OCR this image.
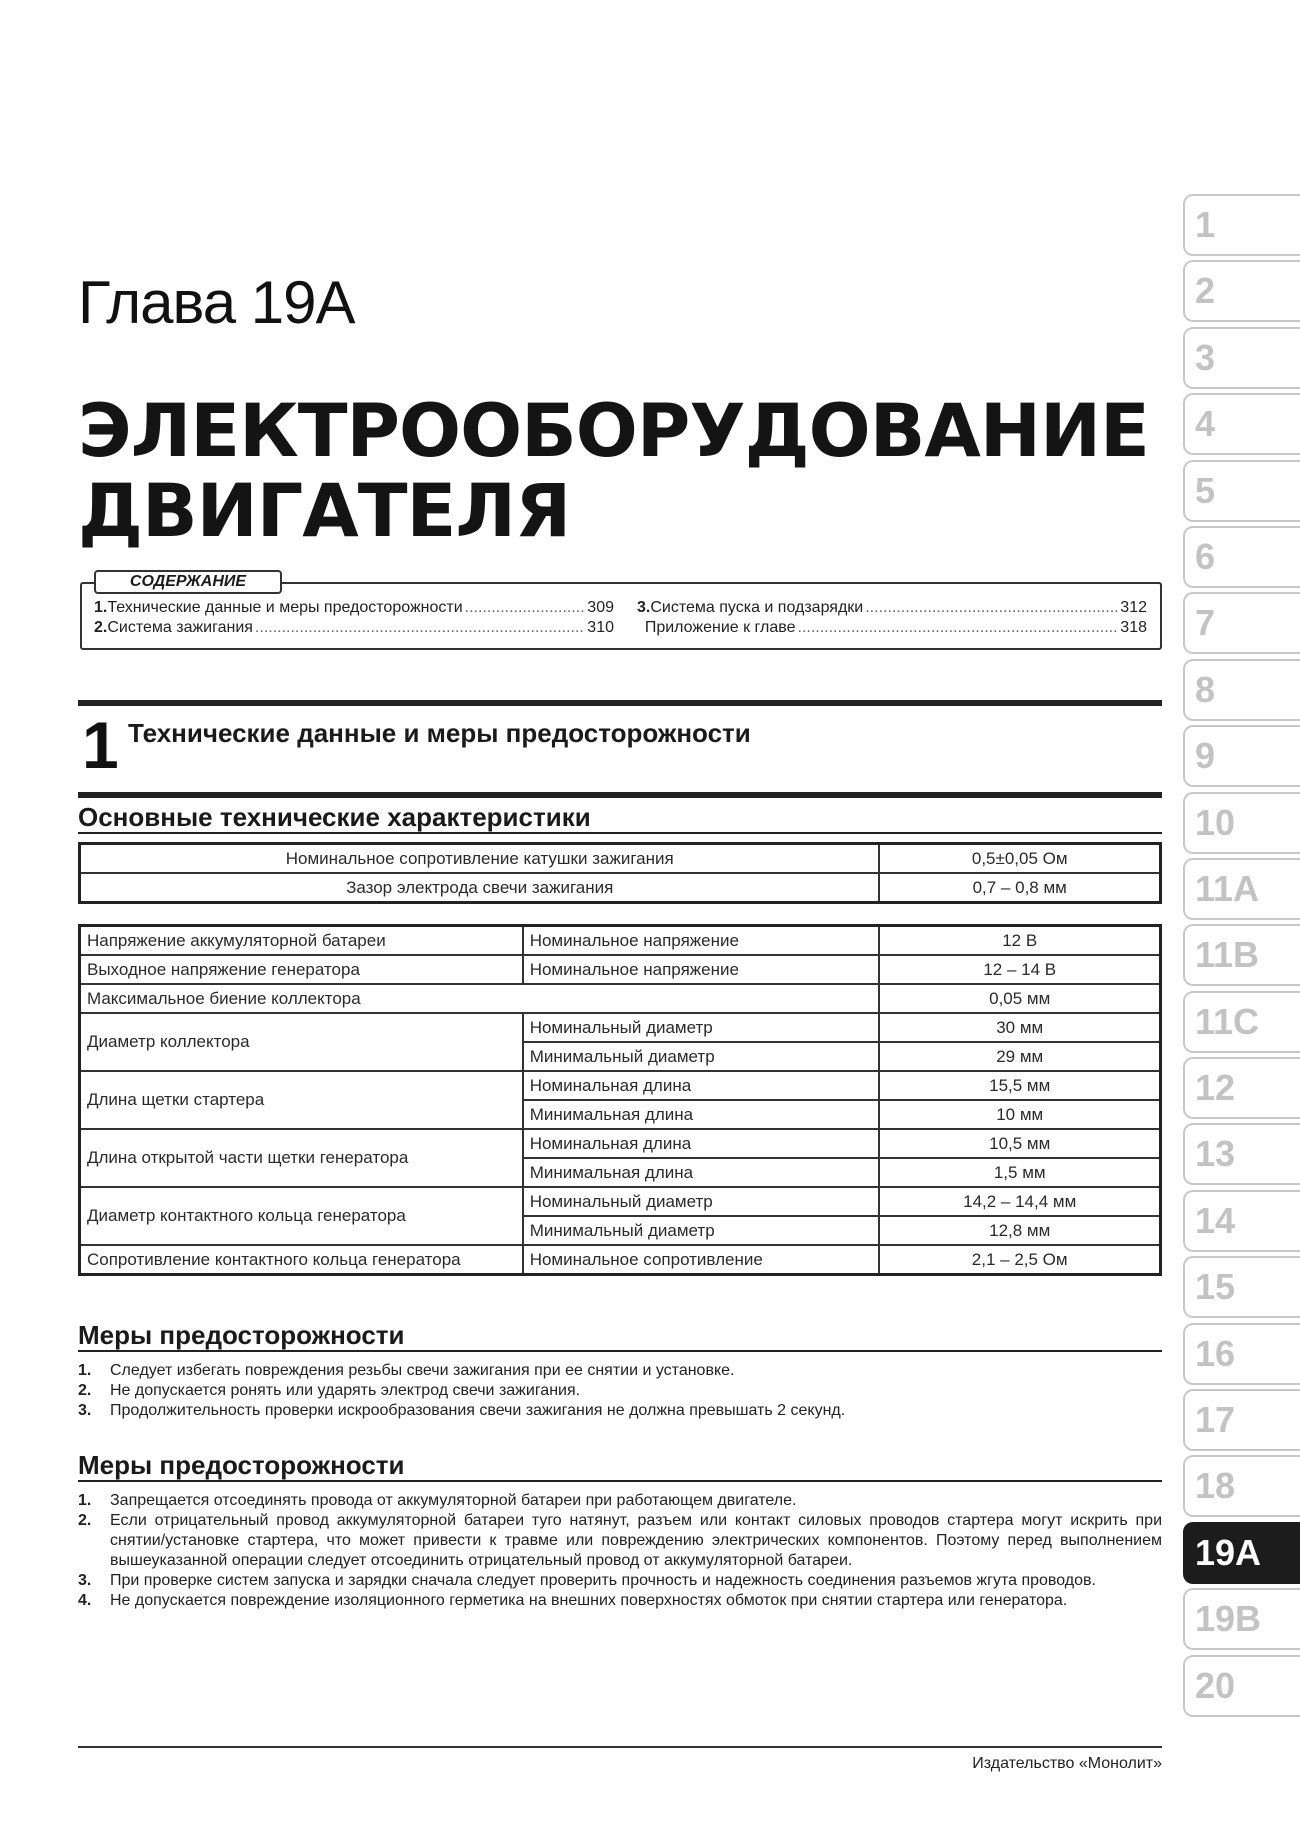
Глава 19А
ЭЛЕКТРООБОРУДОВАНИЕ
ДВИГАТЕЛЯ
СОДЕРЖАНИЕ
1. Технические данные и меры предосторожности .....	309
2. Система зажигания .....	310
3. Система пуска и подзарядки .....	312
Приложение к главе .....	318
1 Технические данные и меры предосторожности
Основные технические характеристики
Номинальное сопротивление катушки зажигания	0,5±0,05 Ом
Зазор электрода свечи зажигания	0,7 – 0,8 мм
Напряжение аккумуляторной батареи	Номинальное напряжение	12 В
Выходное напряжение генератора	Номинальное напряжение	12 – 14 В
Максимальное биение коллектора		0,05 мм
Диаметр коллектора	Номинальный диаметр	30 мм
	Минимальный диаметр	29 мм
Длина щетки стартера	Номинальная длина	15,5 мм
	Минимальная длина	10 мм
Длина открытой части щетки генератора	Номинальная длина	10,5 мм
	Минимальная длина	1,5 мм
Диаметр контактного кольца генератора	Номинальный диаметр	14,2 – 14,4 мм
	Минимальный диаметр	12,8 мм
Сопротивление контактного кольца генератора	Номинальное сопротивление	2,1 – 2,5 Ом
Меры предосторожности
1.	Следует избегать повреждения резьбы свечи зажигания при ее снятии и установке.
2.	Не допускается ронять или ударять электрод свечи зажигания.
3.	Продолжительность проверки искрообразования свечи зажигания не должна превышать 2 секунд.
Меры предосторожности
1.	Запрещается отсоединять провода от аккумуляторной батареи при работающем двигателе.
2.	Если отрицательный провод аккумуляторной батареи туго натянут, разъем или контакт силовых проводов стартера могут искрить при снятии/установке стартера, что может привести к травме или повреждению электрических компонентов. Поэтому перед выполнением вышеуказанной операции следует отсоединить отрицательный провод от аккумуляторной батареи.
3.	При проверке систем запуска и зарядки сначала следует проверить прочность и надежность соединения разъемов жгута проводов.
4.	Не допускается повреждение изоляционного герметика на внешних поверхностях обмоток при снятии стартера или генератора.
Издательство «Монолит»
1
2
3
4
5
6
7
8
9
10
11A
11B
11C
12
13
14
15
16
17
18
19A
19B
20
